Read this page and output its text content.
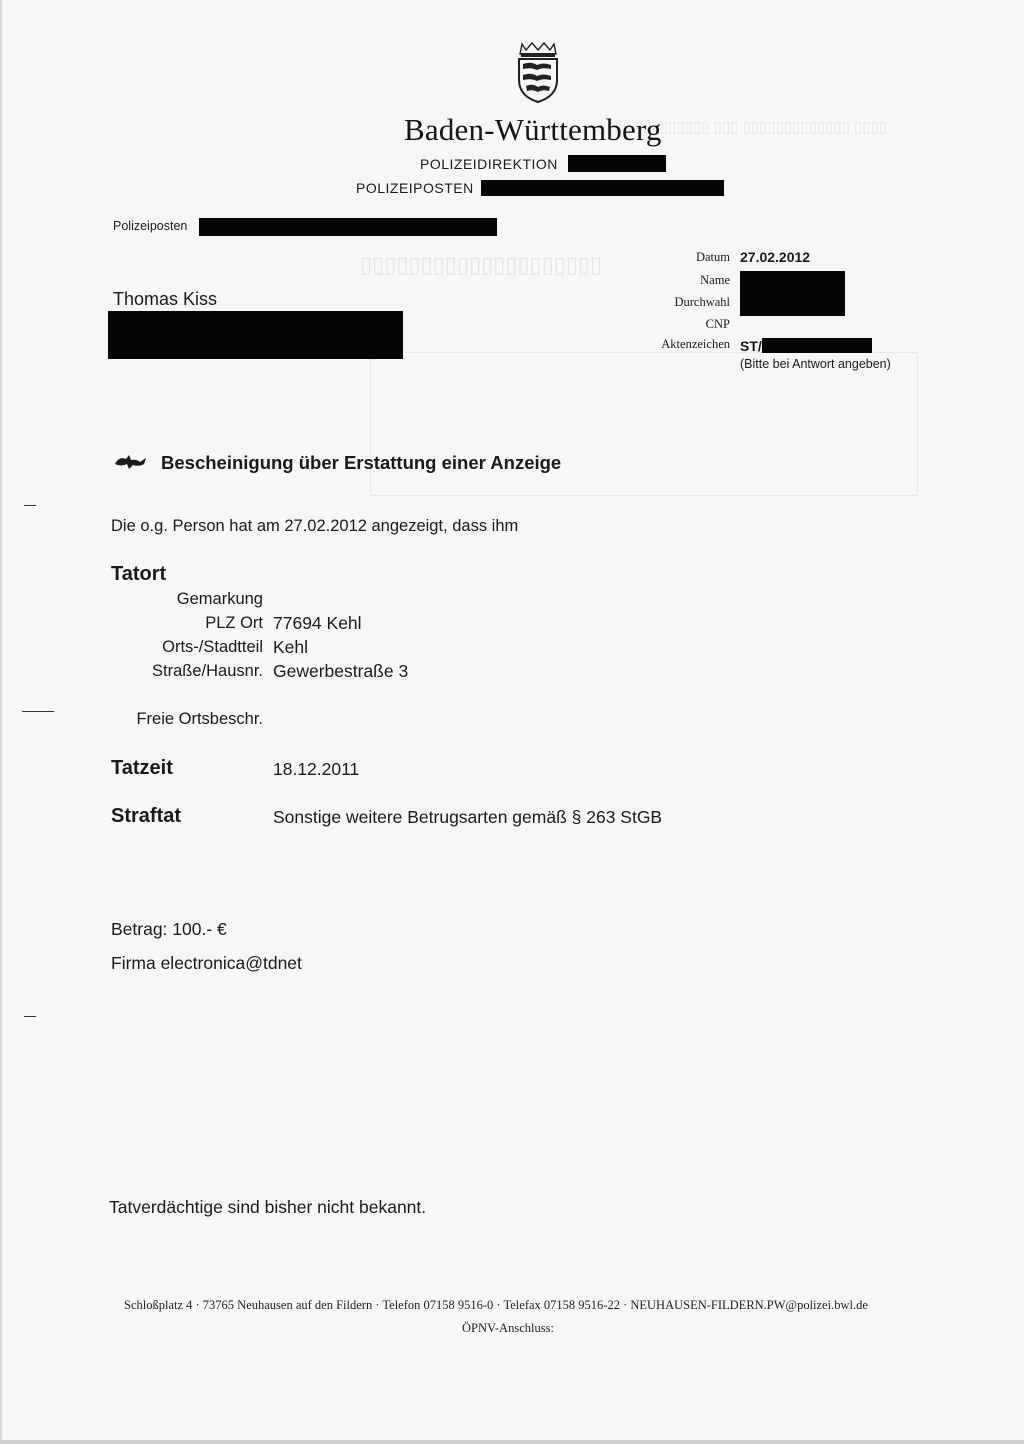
▯▯▯▯ ▯▯▯▯▯▯▯▯▯ ▯▯▯ ▯▯▯▯▯▯▯▯▯▯▯▯▯ ▯▯▯▯
▯▯▯▯▯▯▯▯▯▯▯▯▯▯▯▯▯▯▯▯
Baden-Württemberg
POLIZEIDIREKTION
POLIZEIPOSTEN
Polizeiposten
Thomas Kiss
Datum 27.02.2012
Name
Durchwahl
CNP
Aktenzeichen ST/
(Bitte bei Antwort angeben)
Bescheinigung über Erstattung einer Anzeige
Die o.g. Person hat am 27.02.2012 angezeigt, dass ihm
Tatort
Gemarkung
PLZ Ort 77694 Kehl
Orts-/Stadtteil Kehl
Straße/Hausnr. Gewerbestraße 3
Freie Ortsbeschr.
Tatzeit	18.12.2011
Straftat	Sonstige weitere Betrugsarten gemäß § 263 StGB
Betrag: 100.- €
Firma electronica@tdnet
Tatverdächtige sind bisher nicht bekannt.
Schloßplatz 4 · 73765 Neuhausen auf den Fildern · Telefon 07158 9516-0 · Telefax 07158 9516-22 · NEUHAUSEN-FILDERN.PW@polizei.bwl.de
ÖPNV-Anschluss:
